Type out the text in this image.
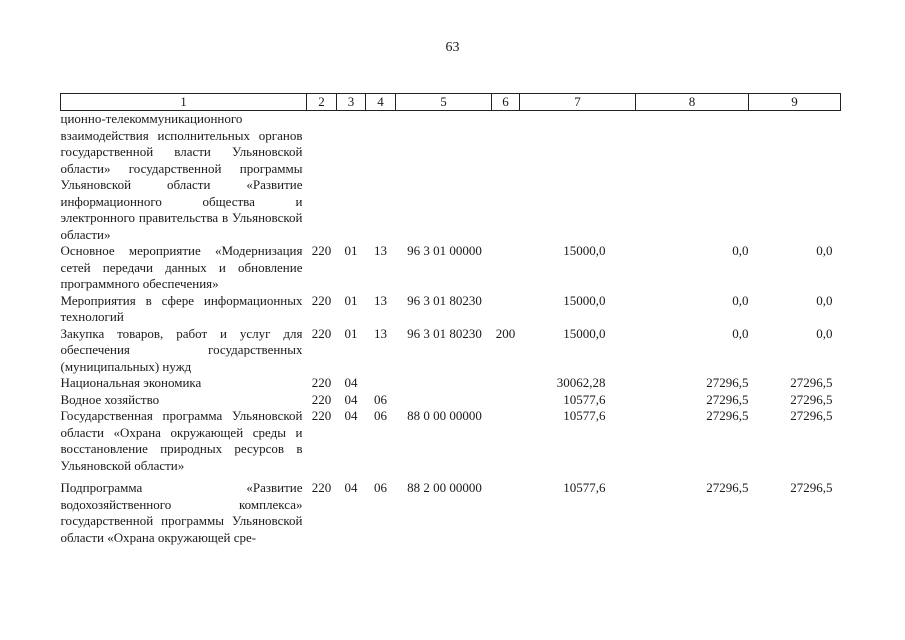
63
1	2	3	4	5	6	7	8	9
ционно-телекоммуникационного взаимодействия исполнительных органов государственной власти Ульяновской области» государственной программы Ульяновской области «Развитие информационного общества и электронного правительства в Ульяновской области»								
Основное мероприятие «Модернизация сетей передачи данных и обновление программного обеспечения»	220	01	13	96 3 01 00000		15000,0	0,0	0,0
Мероприятия в сфере информационных технологий	220	01	13	96 3 01 80230		15000,0	0,0	0,0
Закупка товаров, работ и услуг для обеспечения государственных (муниципальных) нужд	220	01	13	96 3 01 80230	200	15000,0	0,0	0,0
Национальная экономика	220	04				30062,28	27296,5	27296,5
Водное хозяйство	220	04	06			10577,6	27296,5	27296,5
Государственная программа Ульяновской области «Охрана окружающей среды и восстановление природных ресурсов в Ульяновской области»	220	04	06	88 0 00 00000		10577,6	27296,5	27296,5
Подпрограмма «Развитие водохозяйственного комплекса» государственной программы Ульяновской области «Охрана окружающей сре-	220	04	06	88 2 00 00000		10577,6	27296,5	27296,5
